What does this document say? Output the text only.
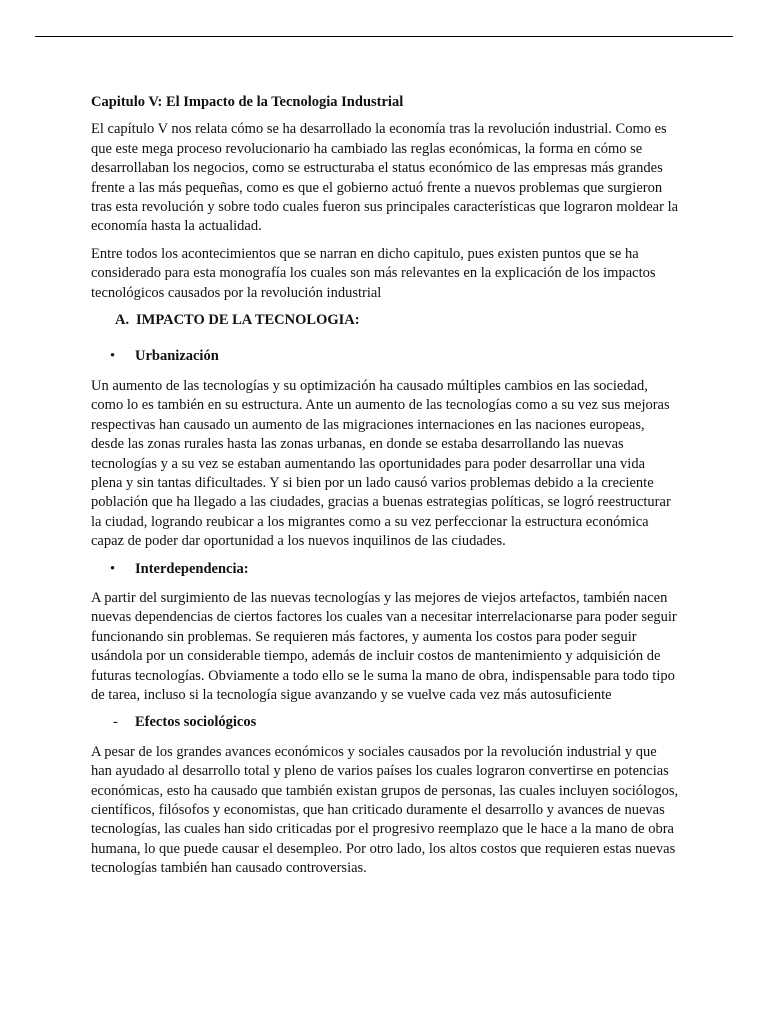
Capitulo V: El Impacto de la Tecnologia Industrial

El capítulo V nos relata cómo se ha desarrollado la economía tras la revolución industrial. Como es que este mega proceso revolucionario ha cambiado las reglas económicas, la forma en cómo se desarrollaban los negocios, como se estructuraba el status económico de las empresas más grandes frente a las más pequeñas, como es que el gobierno actuó frente a nuevos problemas que surgieron tras esta revolución y sobre todo cuales fueron sus principales características que lograron moldear la economía hasta la actualidad.

Entre todos los acontecimientos que se narran en dicho capitulo, pues existen puntos que se ha considerado para esta monografía los cuales son más relevantes en la explicación de los impactos tecnológicos causados por la revolución industrial

A. IMPACTO DE LA TECNOLOGIA:
•	Urbanización

Un aumento de las tecnologías y su optimización ha causado múltiples cambios en las sociedad, como lo es también en su estructura. Ante un aumento de las tecnologías como a su vez sus mejoras respectivas han causado un aumento de las migraciones internaciones en las naciones europeas, desde las zonas rurales hasta las zonas urbanas, en donde se estaba desarrollando las nuevas tecnologías y a su vez se estaban aumentando las oportunidades para poder desarrollar una vida plena y sin tantas dificultades. Y si bien por un lado causó varios problemas debido a la creciente población que ha llegado a las ciudades, gracias a buenas estrategias políticas, se logró reestructurar la ciudad, logrando reubicar a los migrantes como a su vez perfeccionar la estructura económica capaz de poder dar oportunidad a los nuevos inquilinos de las ciudades.

•	Interdependencia:

A partir del surgimiento de las nuevas tecnologías y las mejores de viejos artefactos, también nacen nuevas dependencias de ciertos factores los cuales van a necesitar interrelacionarse para poder seguir funcionando sin problemas. Se requieren más factores, y aumenta los costos para poder seguir usándola por un considerable tiempo, además de incluir costos de mantenimiento y adquisición de futuras tecnologías. Obviamente a todo ello se le suma la mano de obra, indispensable para todo tipo de tarea, incluso si la tecnología sigue avanzando y se vuelve cada vez más autosuficiente

-	Efectos sociológicos

A pesar de los grandes avances económicos y sociales causados por la revolución industrial y que han ayudado al desarrollo total y pleno de varios países los cuales lograron convertirse en potencias económicas, esto ha causado que también existan grupos de personas, las cuales incluyen sociólogos, científicos, filósofos y economistas, que han criticado duramente el desarrollo y avances de nuevas tecnologías, las cuales han sido criticadas por el progresivo reemplazo que le hace a la mano de obra humana, lo que puede causar el desempleo. Por otro lado, los altos costos que requieren estas nuevas tecnologías también han causado controversias.
